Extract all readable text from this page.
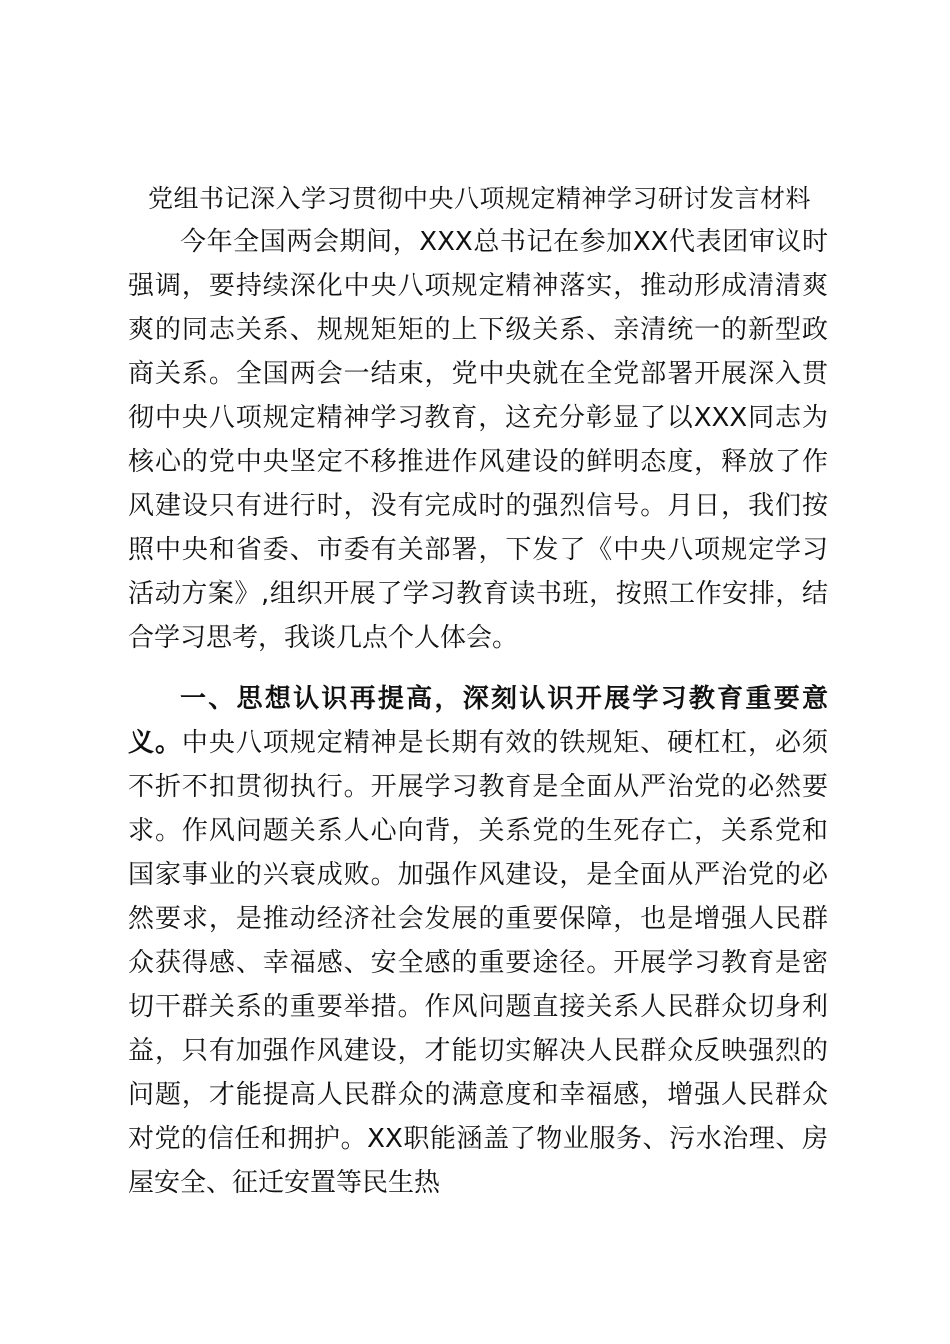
党组书记深入学习贯彻中央八项规定精神学习研讨发言材料

今年全国两会期间，XXX总书记在参加XX代表团审议时强调，要持续深化中央八项规定精神落实，推动形成清清爽爽的同志关系、规规矩矩的上下级关系、亲清统一的新型政商关系。全国两会一结束，党中央就在全党部署开展深入贯彻中央八项规定精神学习教育，这充分彰显了以XXX同志为核心的党中央坚定不移推进作风建设的鲜明态度，释放了作风建设只有进行时，没有完成时的强烈信号。月日，我们按照中央和省委、市委有关部署，下发了《中央八项规定学习活动方案》,组织开展了学习教育读书班，按照工作安排，结合学习思考，我谈几点个人体会。

一、思想认识再提高，深刻认识开展学习教育重要意义。中央八项规定精神是长期有效的铁规矩、硬杠杠，必须不折不扣贯彻执行。开展学习教育是全面从严治党的必然要求。作风问题关系人心向背，关系党的生死存亡，关系党和国家事业的兴衰成败。加强作风建设，是全面从严治党的必然要求，是推动经济社会发展的重要保障，也是增强人民群众获得感、幸福感、安全感的重要途径。开展学习教育是密切干群关系的重要举措。作风问题直接关系人民群众切身利益，只有加强作风建设，才能切实解决人民群众反映强烈的问题，才能提高人民群众的满意度和幸福感，增强人民群众对党的信任和拥护。XX职能涵盖了物业服务、污水治理、房屋安全、征迁安置等民生热
